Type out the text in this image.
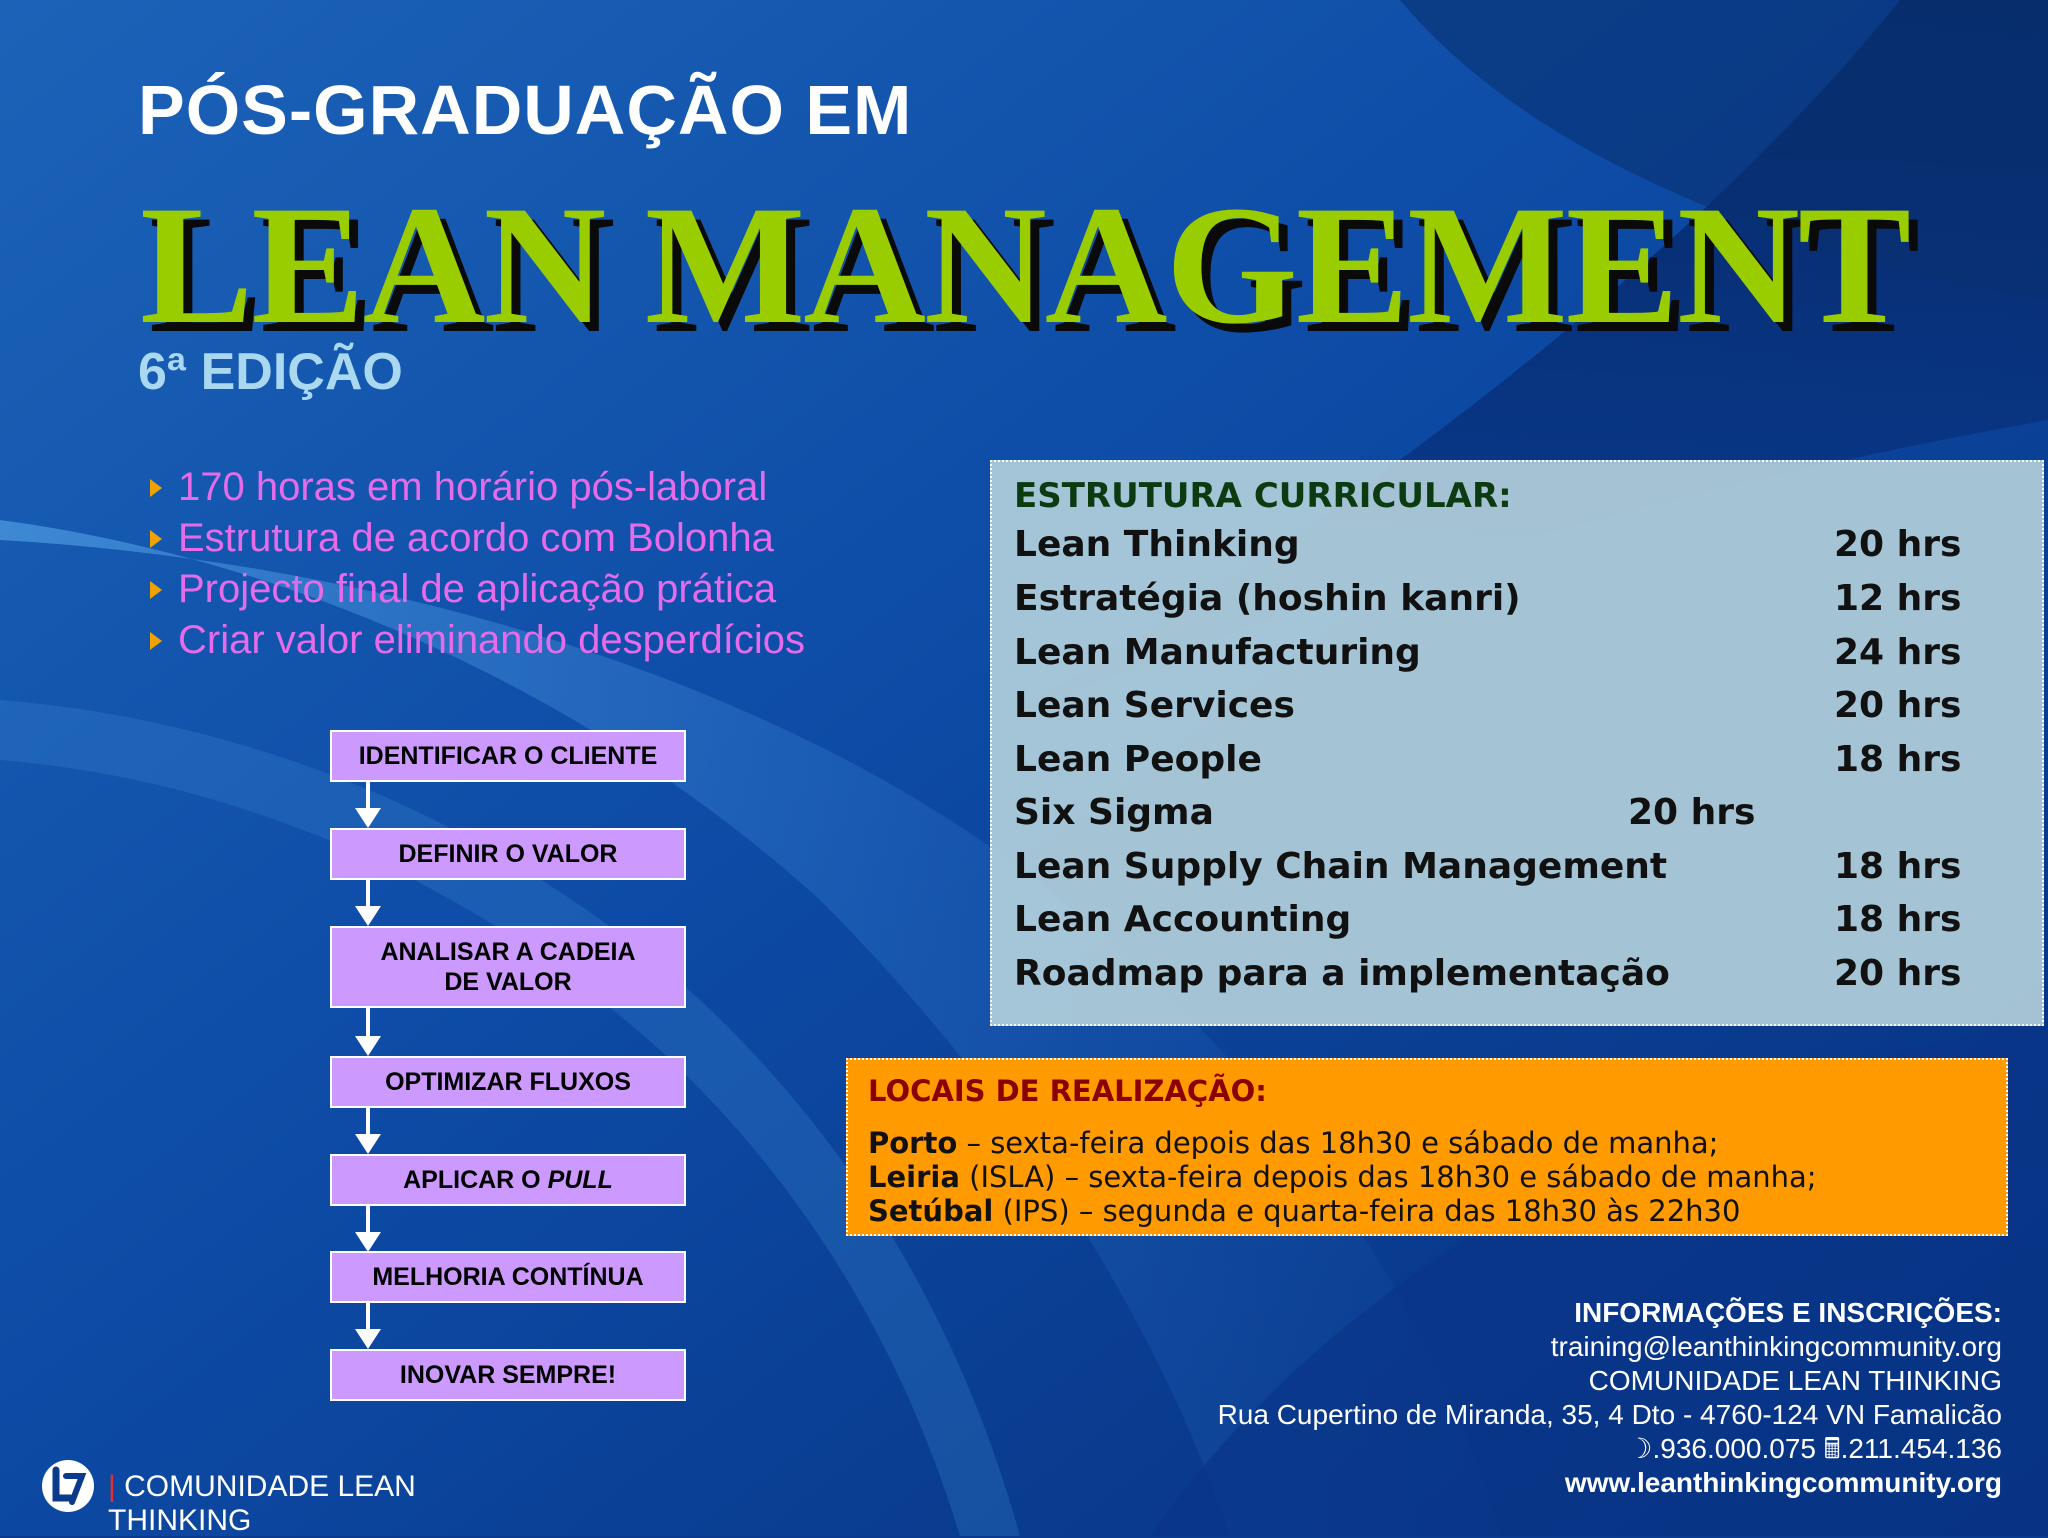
PÓS-GRADUAÇÃO EM
LEAN MANAGEMENT
6ª EDIÇÃO
170 horas em horário pós-laboral
Estrutura de acordo com Bolonha
Projecto final de aplicação prática
Criar valor eliminando desperdícios
IDENTIFICAR O CLIENTE
DEFINIR O VALOR
ANALISAR A CADEIA
DE VALOR
OPTIMIZAR FLUXOS
APLICAR O PULL
MELHORIA CONTÍNUA
INOVAR SEMPRE!
ESTRUTURA CURRICULAR:
Lean Thinking	20 hrs
Estratégia (hoshin kanri)	12 hrs
Lean Manufacturing	24 hrs
Lean Services	20 hrs
Lean People	18 hrs
Six Sigma	20 hrs
Lean Supply Chain Management	18 hrs
Lean Accounting	18 hrs
Roadmap para a implementação	20 hrs
LOCAIS DE REALIZAÇÃO:
Porto – sexta-feira depois das 18h30 e sábado de manha;
Leiria (ISLA) – sexta-feira depois das 18h30 e sábado de manha;
Setúbal (IPS) – segunda e quarta-feira das 18h30 às 22h30
INFORMAÇÕES E INSCRIÇÕES:
training@leanthinkingcommunity.org
COMUNIDADE LEAN THINKING
Rua Cupertino de Miranda, 35, 4 Dto - 4760-124 VN Famalicão
☽.936.000.075 🖩.211.454.136
www.leanthinkingcommunity.org
| COMUNIDADE LEAN
THINKING
